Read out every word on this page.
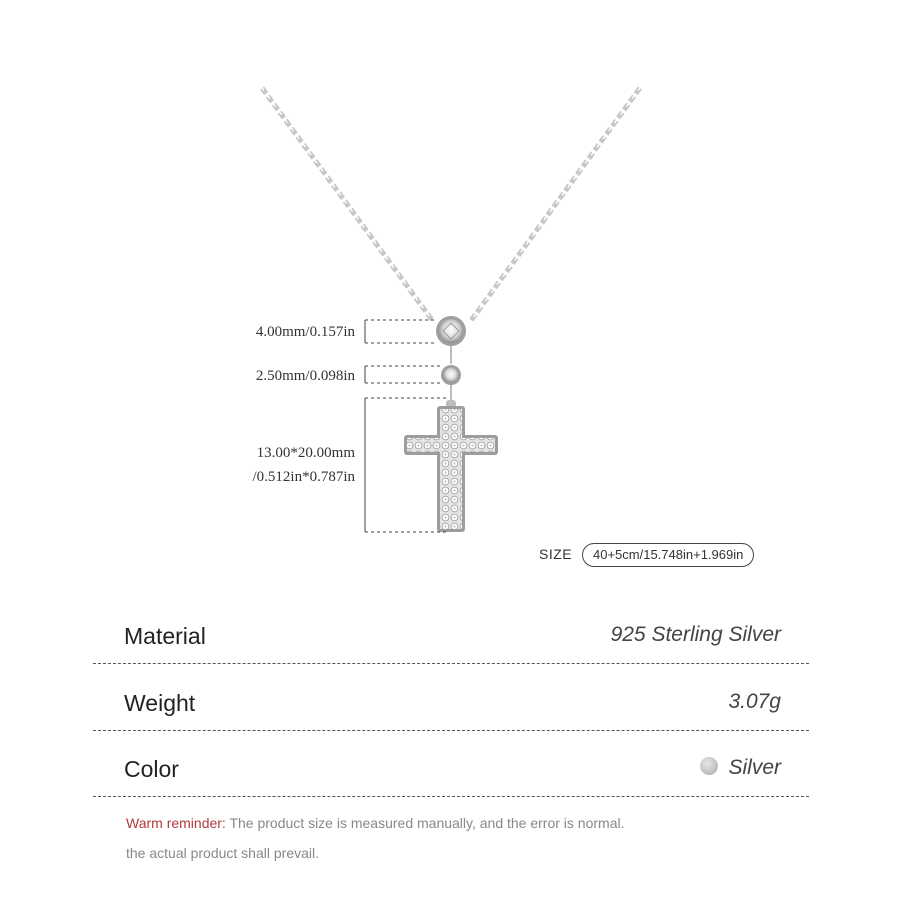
4.00mm/0.157in
2.50mm/0.098in
13.00*20.00mm
/0.512in*0.787in
SIZE	40+5cm/15.748in+1.969in
Material	925 Sterling Silver
Weight	3.07g
Color	Silver
Warm reminder: The product size is measured manually, and the error is normal.
the actual product shall prevail.
